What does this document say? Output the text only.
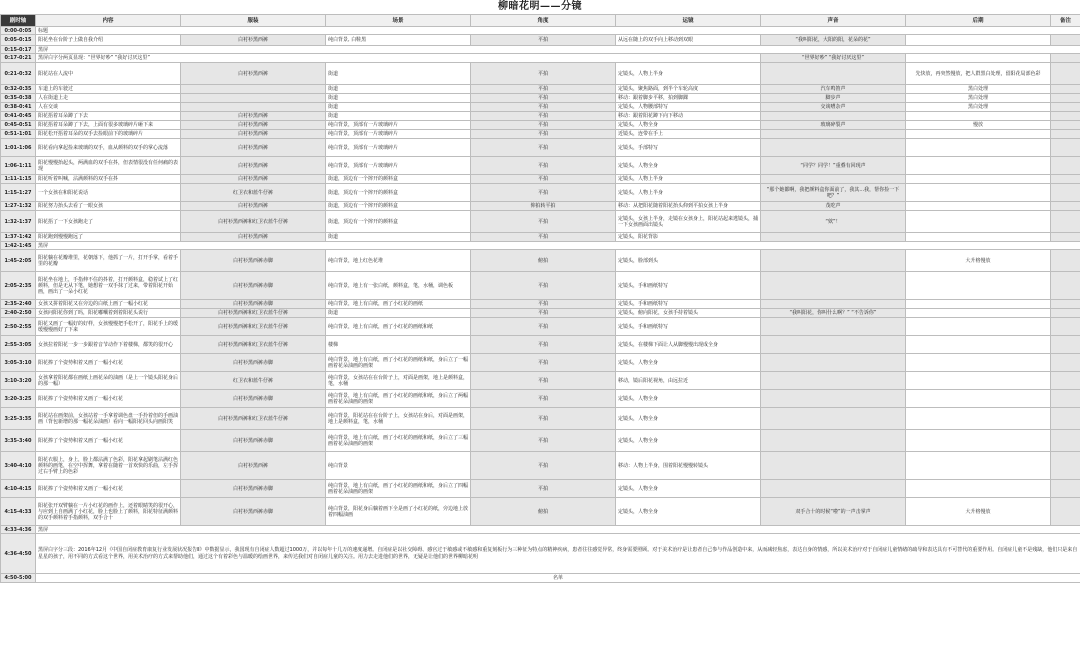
柳暗花明——分镜
剧时轴	内容	服装	场景	角度	运镜	声音	后期	备注
0:00-0:05	标题							
0:05-0:15	阳花坐在台阶子上做自我介绍	白衬衫黑西裤	纯白背景, 白鞋黑	平拍	从远在随上的双手向上移动到双眼	“我叫阳花，大阳的阳，花朵的花”		
0:15-0:17	黑屏							
0:17-0:21	黑屏白字分两页显现：“世界好吵” “我好讨厌这里”					“世界好吵” “我好讨厌这里”		
0:21-0:32	阳花站在人流中	白衬衫黑西裤	街道	平拍	定镜头，人物上半身		先快放，再突然慢放，把人群黑白处理，留阳花局部色彩	
0:32-0:35	车道上的车驶过		街道	平拍	定镜头，聚焦路面，到半个车轮高度	汽车鸣笛声	黑白处理	
0:35-0:38	人在街道上走		街道	平拍	移动：跟着脚步平移，拍到脚踝	脚步声	黑白处理	
0:38-0:41	人在交谈		街道	平拍	定镜头，人物腰部特写	交谈嘈杂声	黑白处理	
0:41-0:45	阳花捂着耳朵蹲了下去	白衬衫黑西裤	街道	平拍	移动：跟着阳花蹲下向下移动			
0:45-0:51	阳花捂着耳朵蹲了下去，上面有很多玻璃碎片砸下来	白衬衫黑西裤	纯白背景，顶部有一片玻璃碎片	平拍	定镜头，人物全身	玻璃碎裂声	慢放	
0:51-1:01	阳花松开捂着耳朵的双手去捡眼前下的玻璃碎片	白衬衫黑西裤	纯白背景，顶部有一片玻璃碎片	平拍	近镜头，连带在手上			
1:01-1:06	阳花看向拿起捡来玻璃的双手，血从颜料的双手的掌心流落	白衬衫黑西裤	纯白背景，顶部有一片玻璃碎片	平拍	定镜头，手部特写			
1:06-1:11	阳花慢慢抬起头，两满血的双手在抖，但表情很没有任何痛的表现	白衬衫黑西裤	纯白背景，顶部有一片玻璃碎片	平拍	定镜头，人物全身	“同学？同学！”重叠有回现声		
1:11-1:15	阳花听着叫喊，沾满颜料的双手在抖	白衬衫黑西裤	街道，顶边有一个摔开的颜料盒	平拍	定镜头，人物上半身			
1:15-1:27	一个女孩在和阳花说话	红卫衣和蓝牛仔裤	街道，顶边有一个摔开的颜料盒	平拍	定镜头，人物上半身	“那个她都啊，我把颜料盒你面前了，我其...我，帮你捡一下吧？”		
1:27-1:32	阳花努力抬头去看了一眼女孩	白衬衫黑西裤	街道，顶边有一个摔开的颜料盒	仰拍转平拍	移动：从把阳花随着阳花抬头仰到平拍女孩上半身	茂吃声		
1:32-1:37	阳花捂了一下女孩跑走了	白衬衫黑西裤和红卫衣蓝牛仔裤	街道，顶边有一个摔开的颜料盒	平拍	定镜头，女孩上半身，走镜在女孩身上，阳花站起来逃镜头，捕一下女孩画面出镜头	“欸”！		
1:37-1:42	阳花跑到慢慢跑远了	白衬衫黑西裤	街道	平拍	定镜头，阳花背影			
1:42-1:45	黑屏							
1:45-2:05	阳花躺在花瓣堆里，花朝落下，他抓了一片，打开手掌，看着手里的花瓣	白衬衫黑西裤赤脚	纯白背景，地上红色花堆	俯拍	定镜头，脸部到头		大升格慢放	
2:05-2:35	阳花坐在地上，手指伸不住的抖着，打开颜料盒，稳着试上了红颜料，但是无从下笔，她想着一双手抹了过来，带着阳花开始画，画出了一朵小红花	白衬衫黑西裤赤脚	纯白背景，地上有一张白纸，颜料盒，笔，水桶，调色板	平拍	定镜头，手和画纸特写			
2:35-2:40	女孩又拼着阳花又在旁边的白纸上画了一幅小红花	白衬衫黑西裤赤脚	纯白背景，地上有白纸，画了小红花的画纸	平拍	定镜头，手和画纸特写			
2:40-2:50	女孩问阳花你到了吗，阳花嘟囔着到着阳花头说行	白衬衫黑西裤和红卫衣蓝牛仔裤	街道	平拍	定镜头，俯向阳花，女孩手持着镜头	“我叫阳花，你叫什么啊？” “不告诉你”		
2:50-2:55	阳花又画了一幅好的好样，女孩慢慢把手松开了，阳花手上的缓缓慢慢画好了下来	白衬衫黑西裤和红卫衣蓝牛仔裤	纯白背景，地上有白纸，画了小红花的画纸和纸	平拍	定镜头，手和画纸特写			
2:55-3:05	女孩拉着阳花一步一步跟着音节动作下着楼梯，都笑的很开心	白衬衫黑西裤和红卫衣蓝牛仔裤	楼梯	平拍	定镜头，在楼梯下面让人从脚慢慢出现成全身			
3:05-3:10	阳花捧了个姿势积着又画了一幅小红花	白衬衫黑西裤赤脚	纯白背景，地上有白纸，画了小红花的画纸和纸，身后立了一幅画着花朵油画的画架	平拍	定镜头，人物全身			
3:10-3:20	女孩拿着阳花都在画纸上画花朵的油画（是上一个镜头阳花身后的那一幅）	红卫衣和蓝牛仔裤	纯白背景，女孩站在在台阶子上，对面是画架，地上是颜料盒，笔，水桶	平拍	移动，镜后阳花视角，由远拉近			
3:20-3:25	阳花捧了个姿势积着又画了一幅小红花	白衬衫黑西裤赤脚	纯白背景，地上有白纸，画了小红花的画纸和纸，身后立了两幅画着花朵油画的画架	平拍	定镜头，人物全身			
3:25-3:35	阳花站在画架前，女孩站着一手拿着调色盘一手拎着但的手画油画（背包新增的那一幅花朵油画）看向一幅阳花回头向画阳笑	白衬衫黑西裤和红卫衣蓝牛仔裤	纯白背景，阳花站在在台阶子上，女孩站在身后，对面是画架，地上是颜料盒，笔，水桶	平拍	定镜头，人物全身			
3:35-3:40	阳花捧了个姿势积着又画了一幅小红花	白衬衫黑西裤赤脚	纯白背景，地上有白纸，画了小红花的画纸和纸，身后立了三幅画着花朵油画的画架	平拍	定镜头，人物全身			
3:40-4:10	阳花衣服上，身上，脸上都沾满了色彩，阳花拿起刷笔沾满红色颜料的画笔，在空中挥舞，拿着在随着一首欢快的乐曲，左手挥过右手臂上的色彩	白衬衫黑西裤	纯白背景	平拍	移动：人物上半身，围着阳花慢慢转镜头			
4:10-4:15	阳花捧了个姿势积着又画了一幅小红花	白衬衫黑西裤赤脚	纯白背景，地上有白纸，画了小红花的画纸和纸，身后立了四幅画着花朵油画的画架	平拍	定镜头，人物全身			
4:15-4:33	阳花张开双臂躺在一片小红花的画作上，还着眼睛笑的很开心，与应到上自画满了小红花，脸上也脸上了颜料，阳花特征满颜料的双手颜料着手指颜料，双手合十	白衬衫黑西裤赤脚	纯白背景，阳花身后躺着画下全是画了小红花的纸，旁边地上放着四幅油画	俯拍	定镜头，人物全身	双手合十的时候“啦”的一声击掌声	大升格慢放	
4:33-4:36	黑屏							
4:36-4:50	黑屏白字分三段：2016年12月《中国自闭症教育康复行业发展状况报告Ⅱ》中数据显示，我国现有自闭症人数超过1000万，并以每年十几万的速度递增。自闭症是以社交障碍、感官过于敏感或不敏感和重复刻板行为三种征为特点的精神疾病，患者往往感觉异常，终身需要照顾。对于美术治疗是让患者自己参与作品创造中来，从而减轻焦虑，表达自身的情感，所以美术治疗对于自闭症儿童情绪的疏导和表达具有不可替代的重要作用。自闭症儿童不是残缺，他们只是来自星星的孩子，用不同的方式看这个世界，用美术治疗的方式来帮助他们，通过这个有着彩色与温暖的绘画世界，来传达我们对自闭症儿童的关注。用力去走进他们的世界，无疑是让他们的世界柳暗花明							
4:50-5:00	名单							
